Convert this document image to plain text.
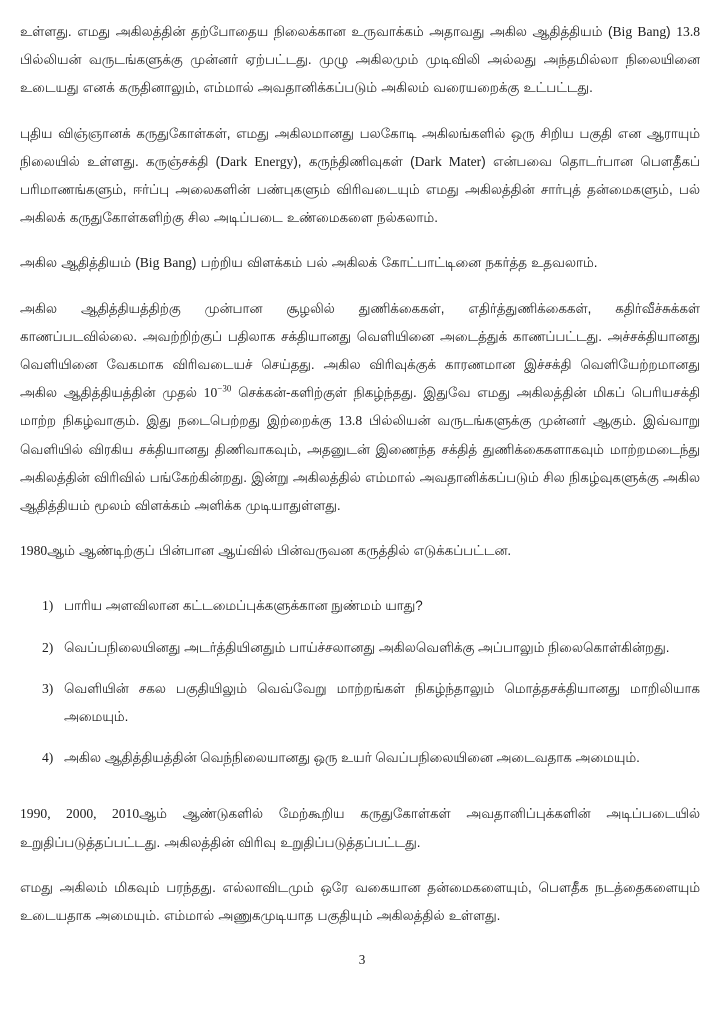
உள்ளது. எமது அகிலத்தின் தற்போதைய நிலைக்கான உருவாக்கம் அதாவது அகில ஆதித்தியம் (Big Bang) 13.8 பில்லியன் வருடங்களுக்கு முன்னர் ஏற்பட்டது. முழு அகிலமும் முடிவிலி அல்லது அந்தமில்லா நிலையினை உடையது எனக் கருதினாலும், எம்மால் அவதானிக்கப்படும் அகிலம் வரையறைக்கு உட்பட்டது.

புதிய விஞ்ஞானக் கருதுகோள்கள், எமது அகிலமானது பலகோடி அகிலங்களில் ஒரு சிறிய பகுதி என ஆராயும் நிலையில் உள்ளது. கருஞ்சக்தி (Dark Energy), கருந்திணிவுகள் (Dark Mater) என்பவை தொடர்பான பௌதீகப் பரிமாணங்களும், ஈர்ப்பு அலைகளின் பண்புகளும் விரிவடையும் எமது அகிலத்தின் சார்புத் தன்மைகளும், பல் அகிலக் கருதுகோள்களிற்கு சில அடிப்படை உண்மைகளை நல்கலாம்.

அகில ஆதித்தியம் (Big Bang) பற்றிய விளக்கம் பல் அகிலக் கோட்பாட்டினை நகர்த்த உதவலாம்.

அகில ஆதித்தியத்திற்கு முன்பான சூழலில் துணிக்கைகள், எதிர்த்துணிக்கைகள், கதிர்வீச்சுக்கள் காணப்படவில்லை. அவற்றிற்குப் பதிலாக சக்தியானது வெளியினை அடைத்துக் காணப்பட்டது. அச்சக்தியானது வெளியினை வேகமாக விரிவடையச் செய்தது. அகில விரிவுக்குக் காரணமான இச்சக்தி வெளியேற்றமானது அகில ஆதித்தியத்தின் முதல் $10^{-30}$ செக்கன்-களிற்குள் நிகழ்ந்தது. இதுவே எமது அகிலத்தின் மிகப் பெரியசக்தி மாற்ற நிகழ்வாகும். இது நடைபெற்றது இற்றைக்கு 13.8 பில்லியன் வருடங்களுக்கு முன்னர் ஆகும். இவ்வாறு வெளியில் விரகிய சக்தியானது திணிவாகவும், அதனுடன் இணைந்த சக்தித் துணிக்கைகளாகவும் மாற்றமடைந்து அகிலத்தின் விரிவில் பங்கேற்கின்றது. இன்று அகிலத்தில் எம்மால் அவதானிக்கப்படும் சில நிகழ்வுகளுக்கு அகில ஆதித்தியம் மூலம் விளக்கம் அளிக்க முடியாதுள்ளது.

1980ஆம் ஆண்டிற்குப் பின்பான ஆய்வில் பின்வருவன கருத்தில் எடுக்கப்பட்டன.

1) பாரிய அளவிலான கட்டமைப்புக்களுக்கான நுண்மம் யாது?
2) வெப்பநிலையினது அடர்த்தியினதும் பாய்ச்சலானது அகிலவெளிக்கு அப்பாலும் நிலைகொள்கின்றது.
3) வெளியின் சகல பகுதியிலும் வெவ்வேறு மாற்றங்கள் நிகழ்ந்தாலும் மொத்தசக்தியானது மாறிலியாக அமையும்.
4) அகில ஆதித்தியத்தின் வெந்நிலையானது ஒரு உயர் வெப்பநிலையினை அடைவதாக அமையும்.

1990, 2000, 2010ஆம் ஆண்டுகளில் மேற்கூறிய கருதுகோள்கள் அவதானிப்புக்களின் அடிப்படையில் உறுதிப்படுத்தப்பட்டது. அகிலத்தின் விரிவு உறுதிப்படுத்தப்பட்டது.

எமது அகிலம் மிகவும் பரந்தது. எல்லாவிடமும் ஒரே வகையான தன்மைகளையும், பௌதீக நடத்தைகளையும் உடையதாக அமையும். எம்மால் அணுகமுடியாத பகுதியும் அகிலத்தில் உள்ளது.

3
